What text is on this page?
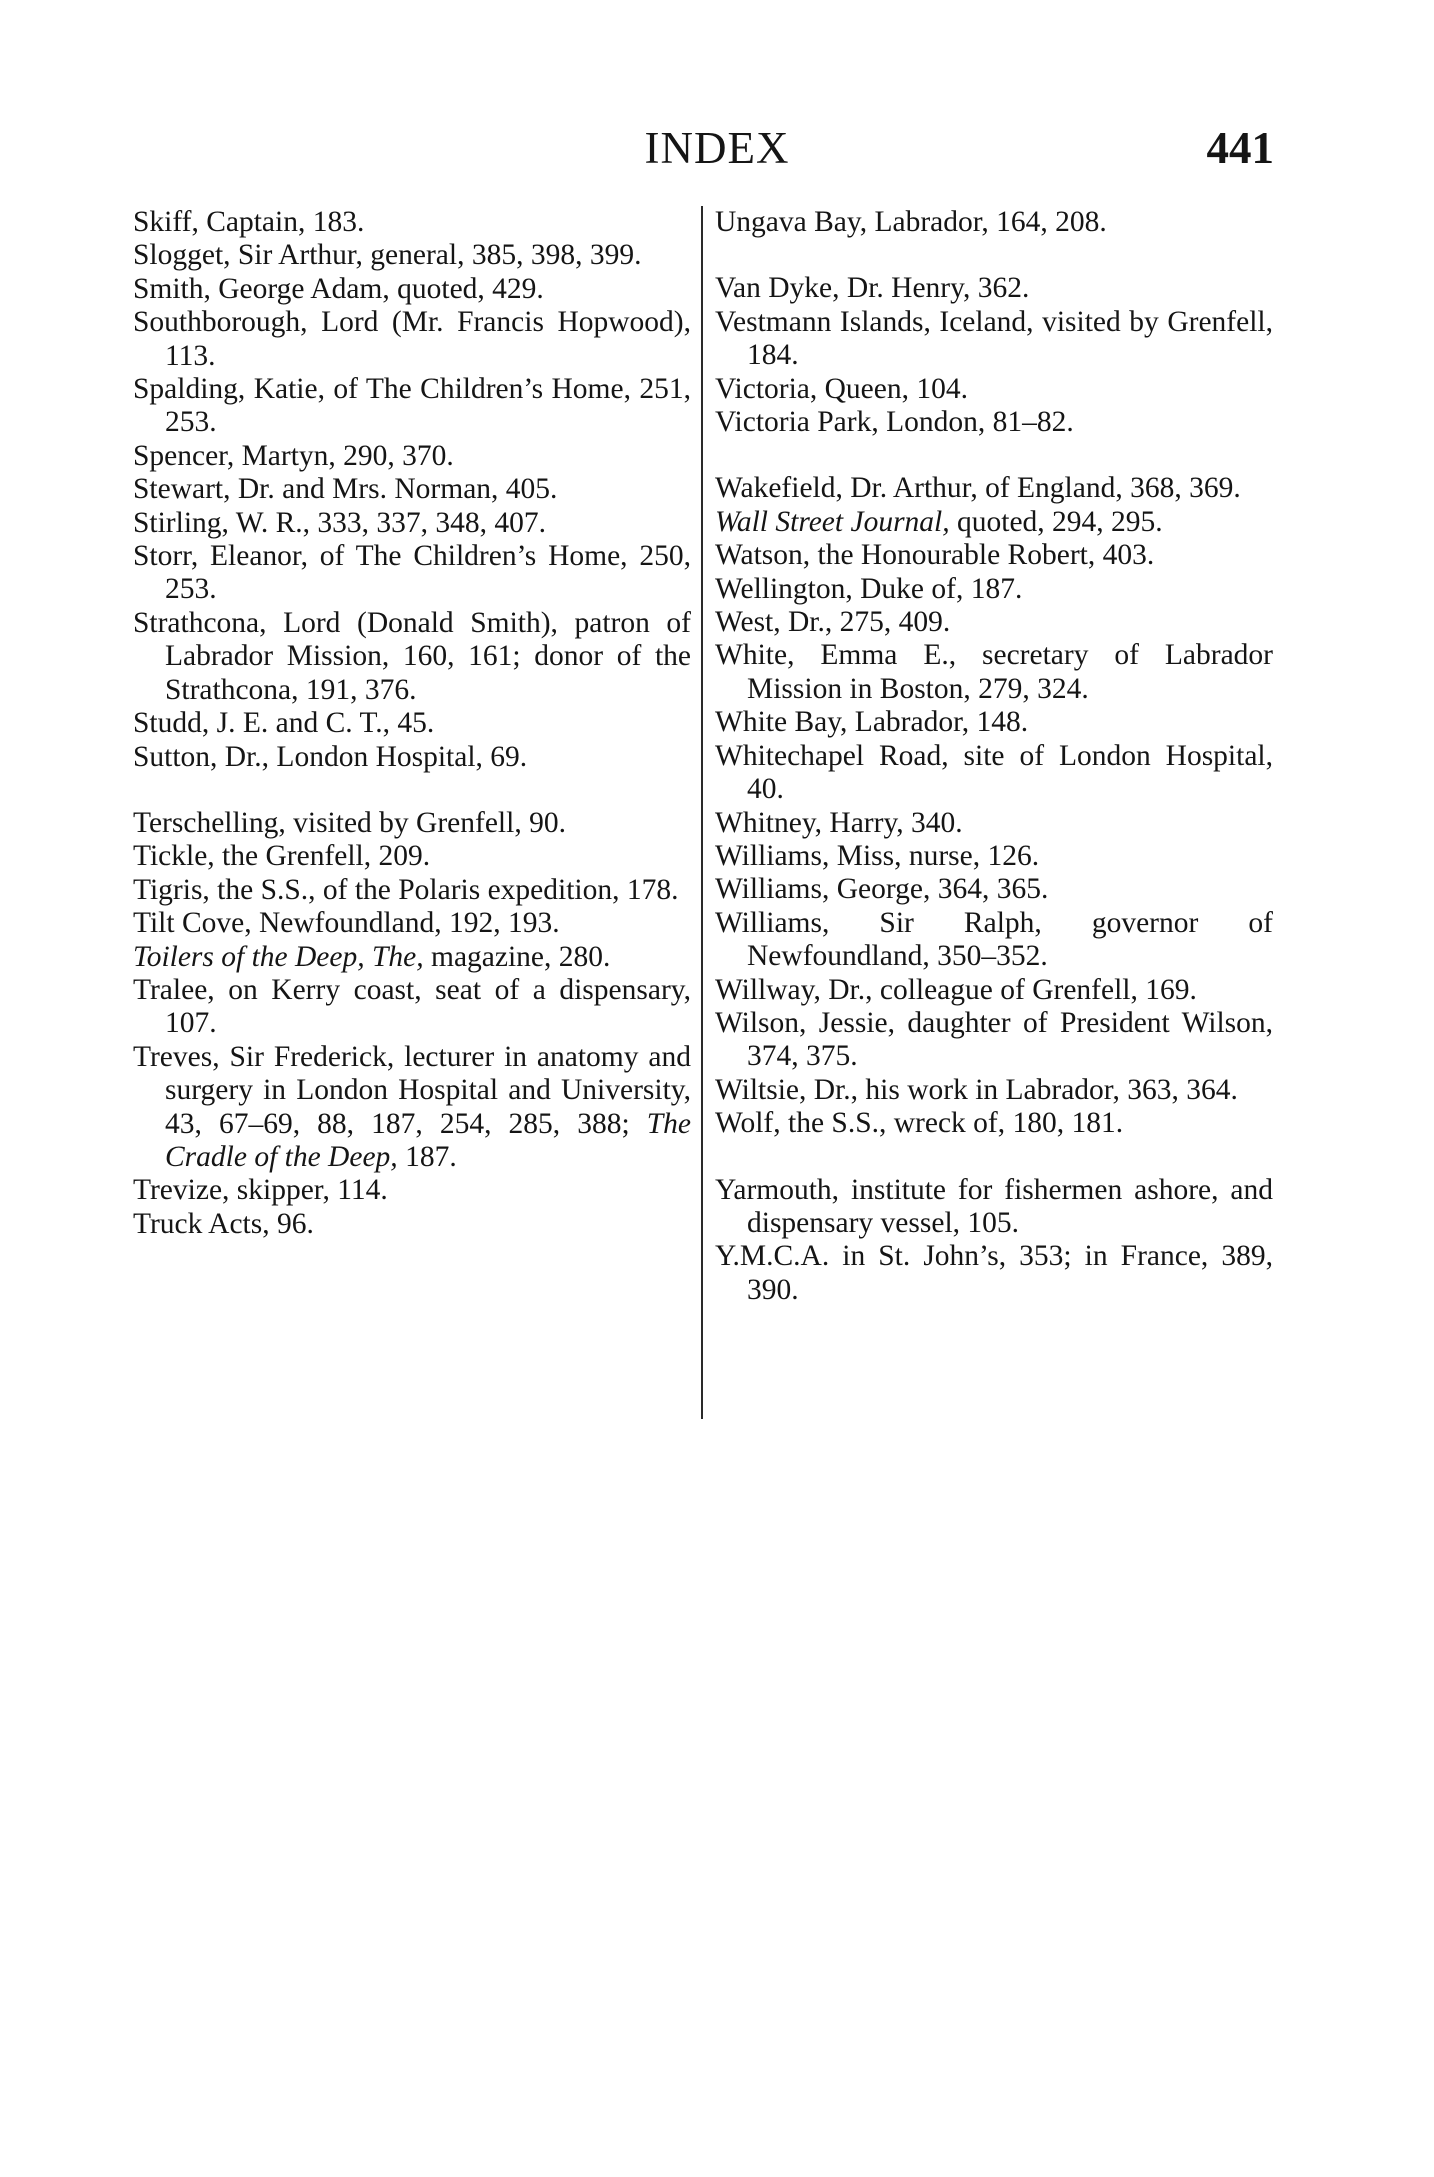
INDEX	441

Skiff, Captain, 183.

Slogget, Sir Arthur, general, 385, 398, 399.

Smith, George Adam, quoted, 429.

Southborough, Lord (Mr. Francis Hopwood), 113.

Spalding, Katie, of The Children’s Home, 251, 253.

Spencer, Martyn, 290, 370.

Stewart, Dr. and Mrs. Norman, 405.

Stirling, W. R., 333, 337, 348, 407.

Storr, Eleanor, of The Children’s Home, 250, 253.

Strathcona, Lord (Donald Smith), patron of Labrador Mission, 160, 161; donor of the Strathcona, 191, 376.

Studd, J. E. and C. T., 45.

Sutton, Dr., London Hospital, 69.

Terschelling, visited by Grenfell, 90.

Tickle, the Grenfell, 209.

Tigris, the S.S., of the Polaris expedition, 178.

Tilt Cove, Newfoundland, 192, 193.

Toilers of the Deep, The, magazine, 280.

Tralee, on Kerry coast, seat of a dispensary, 107.

Treves, Sir Frederick, lecturer in anatomy and surgery in London Hospital and University, 43, 67–69, 88, 187, 254, 285, 388; The Cradle of the Deep, 187.

Trevize, skipper, 114.

Truck Acts, 96.

Ungava Bay, Labrador, 164, 208.

Van Dyke, Dr. Henry, 362.

Vestmann Islands, Iceland, visited by Grenfell, 184.

Victoria, Queen, 104.

Victoria Park, London, 81–82.

Wakefield, Dr. Arthur, of England, 368, 369.

Wall Street Journal, quoted, 294, 295.

Watson, the Honourable Robert, 403.

Wellington, Duke of, 187.

West, Dr., 275, 409.

White, Emma E., secretary of Labrador Mission in Boston, 279, 324.

White Bay, Labrador, 148.

Whitechapel Road, site of London Hospital, 40.

Whitney, Harry, 340.

Williams, Miss, nurse, 126.

Williams, George, 364, 365.

Williams, Sir Ralph, governor of Newfoundland, 350–352.

Willway, Dr., colleague of Grenfell, 169.

Wilson, Jessie, daughter of President Wilson, 374, 375.

Wiltsie, Dr., his work in Labrador, 363, 364.

Wolf, the S.S., wreck of, 180, 181.

Yarmouth, institute for fishermen ashore, and dispensary vessel, 105.

Y.M.C.A. in St. John’s, 353; in France, 389, 390.
